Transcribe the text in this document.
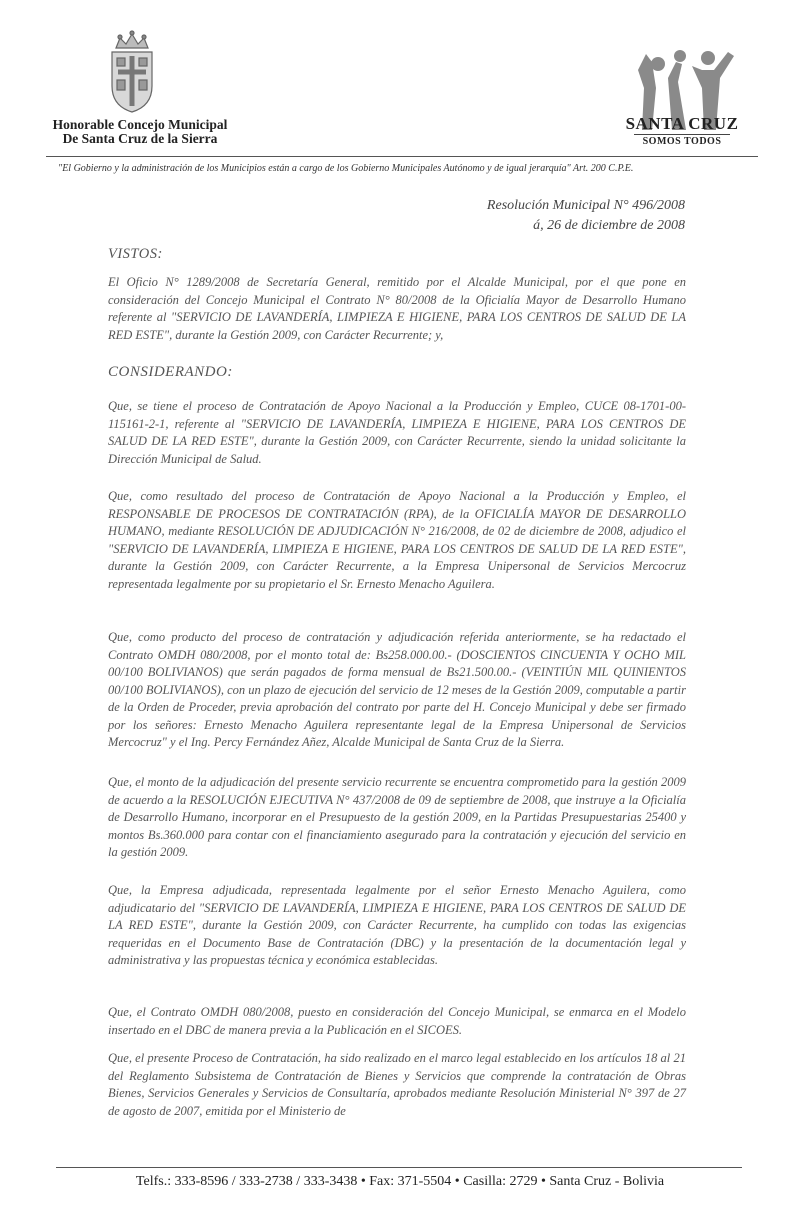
Honorable Concejo Municipal
De Santa Cruz de la Sierra
SANTA CRUZ
SOMOS TODOS
"El Gobierno y la administración de los Municipios están a cargo de los Gobierno Municipales Autónomo y de igual jerarquía" Art. 200 C.P.E.
Resolución Municipal N° 496/2008
á, 26 de diciembre de 2008
VISTOS:
El Oficio N° 1289/2008 de Secretaría General, remitido por el Alcalde Municipal, por el que pone en consideración del Concejo Municipal el Contrato N° 80/2008 de la Oficialía Mayor de Desarrollo Humano referente al "SERVICIO DE LAVANDERÍA, LIMPIEZA E HIGIENE, PARA LOS CENTROS DE SALUD DE LA RED ESTE", durante la Gestión 2009, con Carácter Recurrente; y,
CONSIDERANDO:
Que, se tiene el proceso de Contratación de Apoyo Nacional a la Producción y Empleo, CUCE 08-1701-00-115161-2-1, referente al "SERVICIO DE LAVANDERÍA, LIMPIEZA E HIGIENE, PARA LOS CENTROS DE SALUD DE LA RED ESTE", durante la Gestión 2009, con Carácter Recurrente, siendo la unidad solicitante la Dirección Municipal de Salud.
Que, como resultado del proceso de Contratación de Apoyo Nacional a la Producción y Empleo, el RESPONSABLE DE PROCESOS DE CONTRATACIÓN (RPA), de la OFICIALÍA MAYOR DE DESARROLLO HUMANO, mediante RESOLUCIÓN DE ADJUDICACIÓN N° 216/2008, de 02 de diciembre de 2008, adjudico el "SERVICIO DE LAVANDERÍA, LIMPIEZA E HIGIENE, PARA LOS CENTROS DE SALUD DE LA RED ESTE", durante la Gestión 2009, con Carácter Recurrente, a la Empresa Unipersonal de Servicios Mercocruz representada legalmente por su propietario el Sr. Ernesto Menacho Aguilera.
Que, como producto del proceso de contratación y adjudicación referida anteriormente, se ha redactado el Contrato OMDH 080/2008, por el monto total de: Bs258.000.00.- (DOSCIENTOS CINCUENTA Y OCHO MIL 00/100 BOLIVIANOS) que serán pagados de forma mensual de Bs21.500.00.- (VEINTIÚN MIL QUINIENTOS 00/100 BOLIVIANOS), con un plazo de ejecución del servicio de 12 meses de la Gestión 2009, computable a partir de la Orden de Proceder, previa aprobación del contrato por parte del H. Concejo Municipal y debe ser firmado por los señores: Ernesto Menacho Aguilera representante legal de la Empresa Unipersonal de Servicios Mercocruz" y el Ing. Percy Fernández Añez, Alcalde Municipal de Santa Cruz de la Sierra.
Que, el monto de la adjudicación del presente servicio recurrente se encuentra comprometido para la gestión 2009 de acuerdo a la RESOLUCIÓN EJECUTIVA N° 437/2008 de 09 de septiembre de 2008, que instruye a la Oficialía de Desarrollo Humano, incorporar en el Presupuesto de la gestión 2009, en la Partidas Presupuestarias 25400 y montos Bs.360.000 para contar con el financiamiento asegurado para la contratación y ejecución del servicio en la gestión 2009.
Que, la Empresa adjudicada, representada legalmente por el señor Ernesto Menacho Aguilera, como adjudicatario del "SERVICIO DE LAVANDERÍA, LIMPIEZA E HIGIENE, PARA LOS CENTROS DE SALUD DE LA RED ESTE", durante la Gestión 2009, con Carácter Recurrente, ha cumplido con todas las exigencias requeridas en el Documento Base de Contratación (DBC) y la presentación de la documentación legal y administrativa y las propuestas técnica y económica establecidas.
Que, el Contrato OMDH 080/2008, puesto en consideración del Concejo Municipal, se enmarca en el Modelo insertado en el DBC de manera previa a la Publicación en el SICOES.
Que, el presente Proceso de Contratación, ha sido realizado en el marco legal establecido en los artículos 18 al 21 del Reglamento Subsistema de Contratación de Bienes y Servicios que comprende la contratación de Obras Bienes, Servicios Generales y Servicios de Consultaría, aprobados mediante Resolución Ministerial N° 397 de 27 de agosto de 2007, emitida por el Ministerio de
Telfs.: 333-8596 / 333-2738 / 333-3438 • Fax: 371-5504 • Casilla: 2729 • Santa Cruz - Bolivia
